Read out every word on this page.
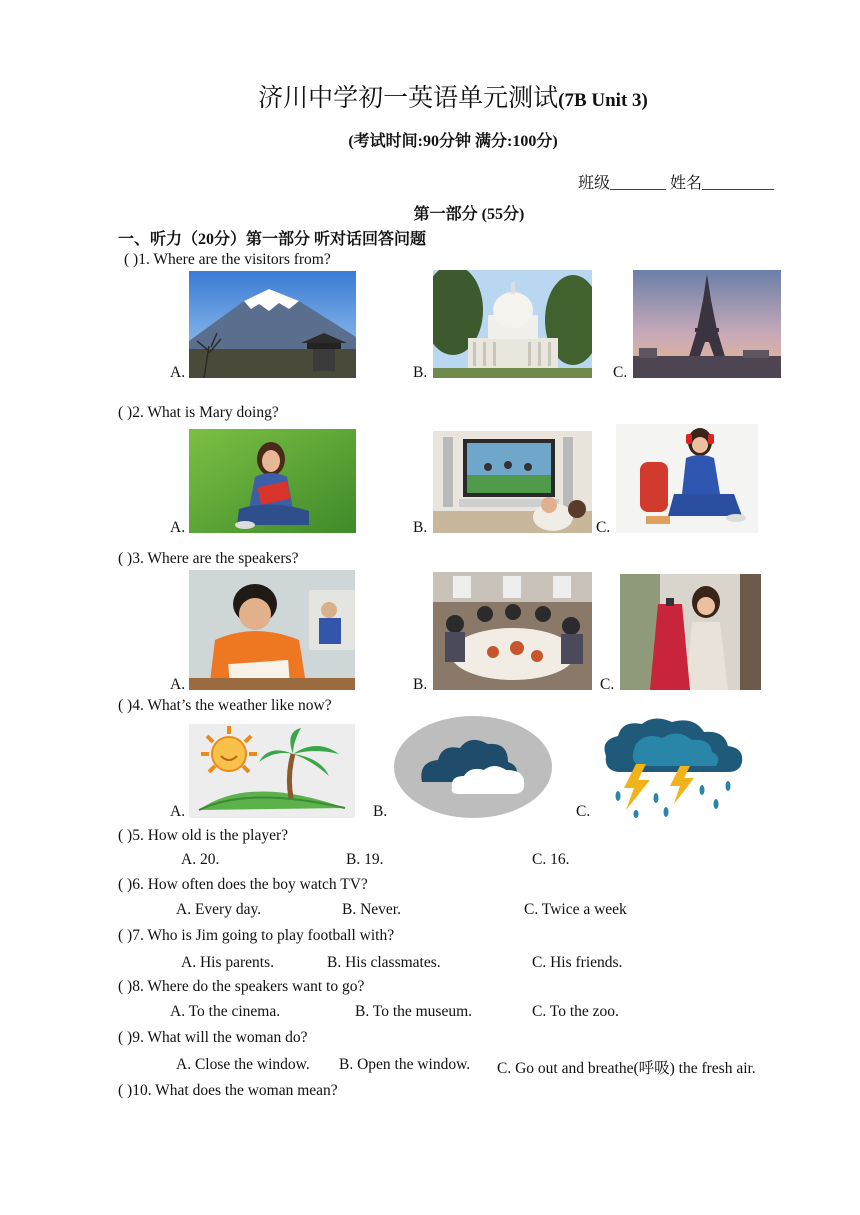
济川中学初一英语单元测试(7B Unit 3)
(考试时间:90分钟 满分:100分)
班级_______ 姓名_________
第一部分 (55分)
一、听力（20分）第一部分 听对话回答问题
( )1. Where are the visitors from?
A.	B.	C.
( )2. What is Mary doing?
A.	B.	C.
( )3. Where are the speakers?
A.	B.	C.
( )4. What’s the weather like now?
A.	B.	C.
( )5. How old is the player?
A. 20.	B. 19.	C. 16.
( )6. How often does the boy watch TV?
A. Every day.	B. Never.	C. Twice a week
( )7. Who is Jim going to play football with?
A. His parents.	B. His classmates.	C. His friends.
( )8. Where do the speakers want to go?
A. To the cinema.	B. To the museum.	C. To the zoo.
( )9. What will the woman do?
A. Close the window. B. Open the window. C. Go out and breathe(呼吸) the fresh air.
( )10. What does the woman mean?
